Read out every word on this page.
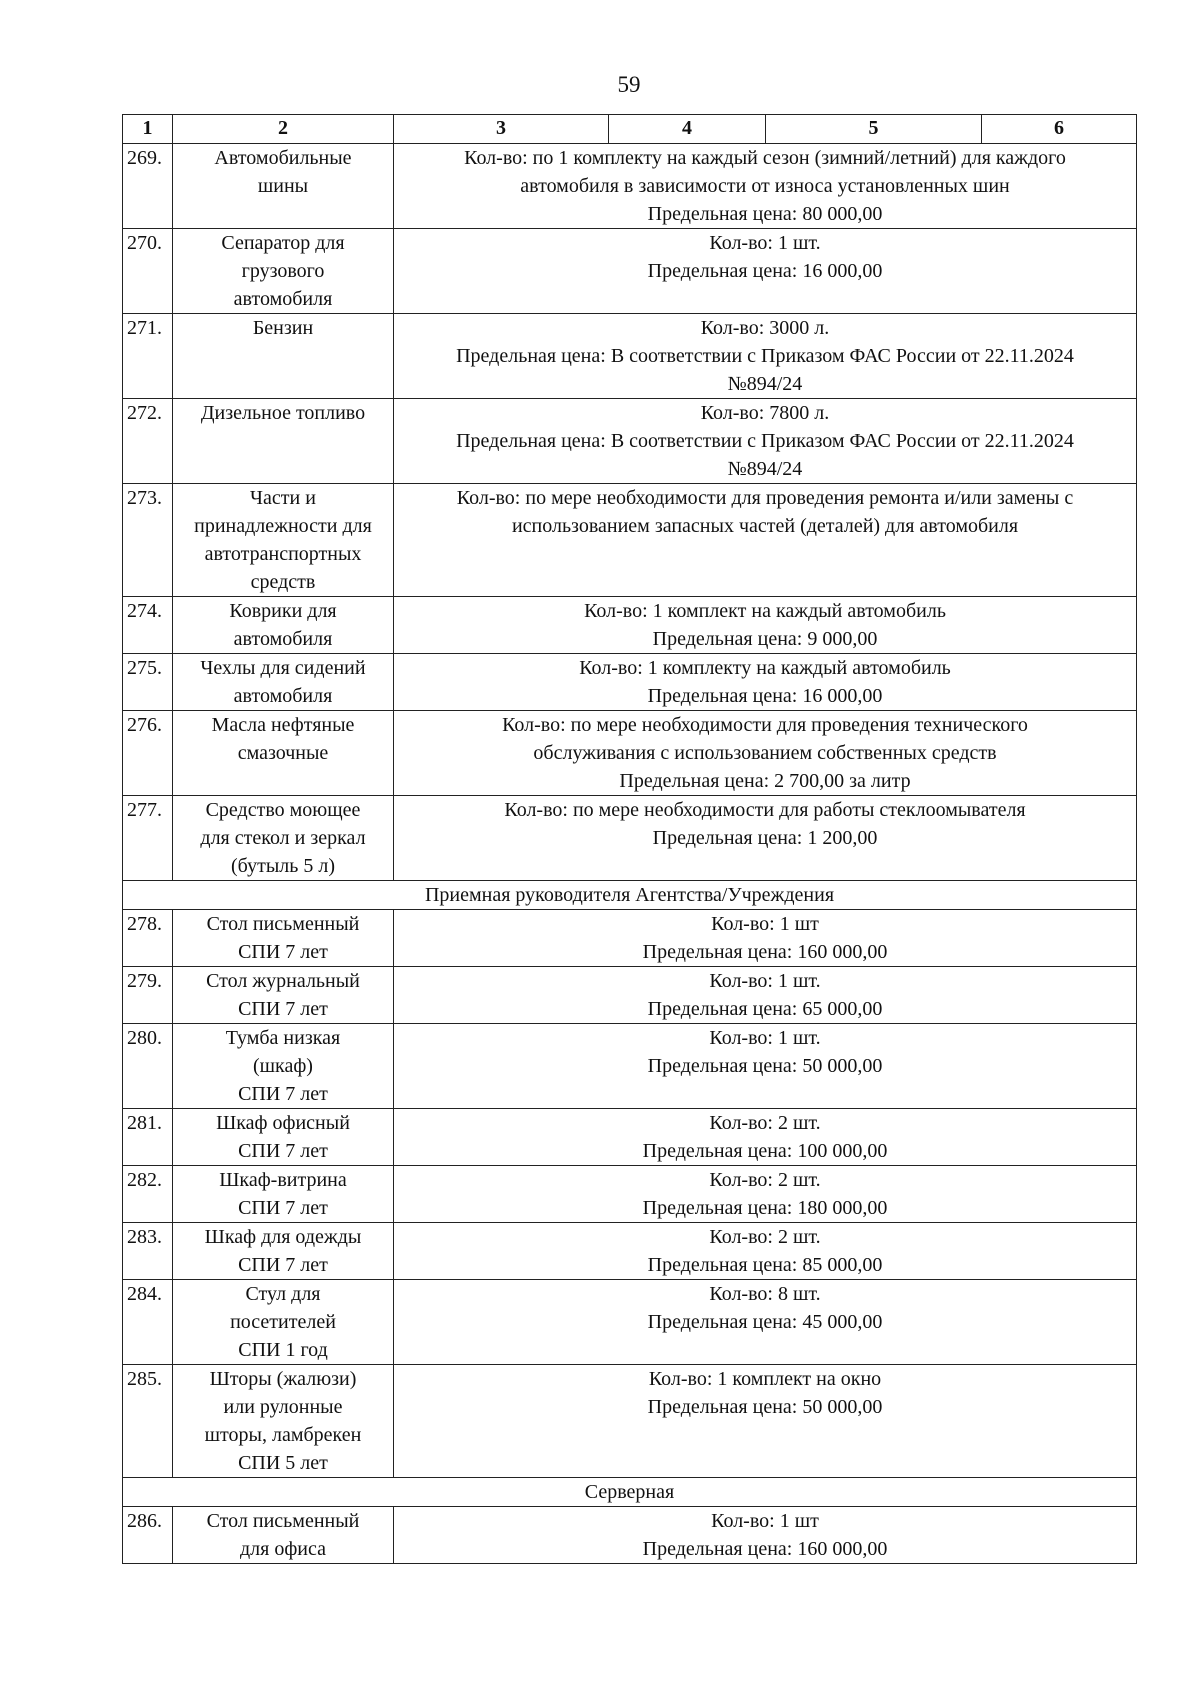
59
1	2	3	4	5	6
269.	Автомобильные
шины	Кол-во: по 1 комплекту на каждый сезон (зимний/летний) для каждого
автомобиля в зависимости от износа установленных шин
Предельная цена: 80 000,00			

270.	Сепаратор для
грузового
автомобиля	Кол-во: 1 шт.
Предельная цена: 16 000,00			

271.	Бензин	Кол-во: 3000 л.
Предельная цена: В соответствии с Приказом ФАС России от 22.11.2024
№894/24			

272.	Дизельное топливо	Кол-во: 7800 л.
Предельная цена: В соответствии с Приказом ФАС России от 22.11.2024
№894/24			

273.	Части и
принадлежности для
автотранспортных
средств	Кол-во: по мере необходимости для проведения ремонта и/или замены с
использованием запасных частей (деталей) для автомобиля			

274.	Коврики для
автомобиля	Кол-во: 1 комплект на каждый автомобиль
Предельная цена: 9 000,00			

275.	Чехлы для сидений
автомобиля	Кол-во: 1 комплекту на каждый автомобиль
Предельная цена: 16 000,00			

276.	Масла нефтяные
смазочные	Кол-во: по мере необходимости для проведения технического
обслуживания с использованием собственных средств
Предельная цена: 2 700,00 за литр			

277.	Средство моющее
для стекол и зеркал
(бутыль 5 л)	Кол-во: по мере необходимости для работы стеклоомывателя
Предельная цена: 1 200,00			

Приемная руководителя Агентства/Учреждения					
278.	Стол письменный
СПИ 7 лет	Кол-во: 1 шт
Предельная цена: 160 000,00			

279.	Стол журнальный
СПИ 7 лет	Кол-во: 1 шт.
Предельная цена: 65 000,00			

280.	Тумба низкая
(шкаф)
СПИ 7 лет	Кол-во: 1 шт.
Предельная цена: 50 000,00			

281.	Шкаф офисный
СПИ 7 лет	Кол-во: 2 шт.
Предельная цена: 100 000,00			

282.	Шкаф-витрина
СПИ 7 лет	Кол-во: 2 шт.
Предельная цена: 180 000,00			

283.	Шкаф для одежды
СПИ 7 лет	Кол-во: 2 шт.
Предельная цена: 85 000,00			

284.	Стул для
посетителей
СПИ 1 год	Кол-во: 8 шт.
Предельная цена: 45 000,00			

285.	Шторы (жалюзи)
или рулонные
шторы, ламбрекен
СПИ 5 лет	Кол-во: 1 комплект на окно
Предельная цена: 50 000,00			

Серверная					
286.	Стол письменный
для офиса	Кол-во: 1 шт
Предельная цена: 160 000,00			
